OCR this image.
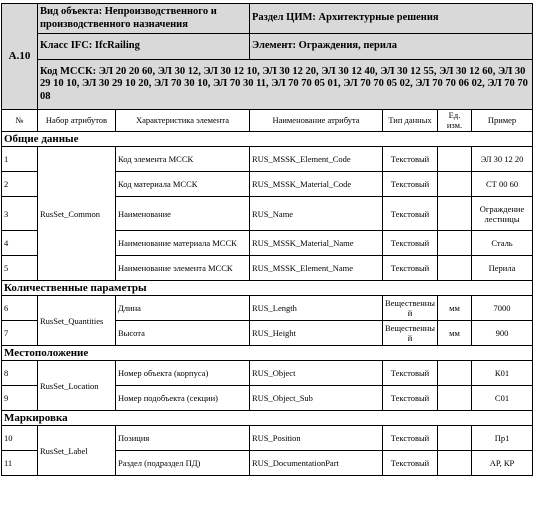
A.10	Вид объекта: Непроизводственного и производственного назначения		Раздел ЦИМ: Архитектурные решения			
	Класс IFC: IfcRailing		Элемент: Ограждения, перила			
	Код МССК: ЭЛ 20 20 60, ЭЛ 30 12, ЭЛ 30 12 10, ЭЛ 30 12 20, ЭЛ 30 12 40, ЭЛ 30 12 55, ЭЛ 30 12 60, ЭЛ 30 29 10 10, ЭЛ 30 29 10 20, ЭЛ 70 30 10, ЭЛ 70 30 11, ЭЛ 70 70 05 01, ЭЛ 70 70 05 02, ЭЛ 70 70 06 02, ЭЛ 70 70 08					
№	Набор атрибутов	Характеристика элемента	Наименование атрибута	Тип данных	Ед. изм.	Пример
Общие данные						
1	RusSet_Common	Код элемента МССК	RUS_MSSK_Element_Code	Текстовый		ЭЛ 30 12 20
2		Код материала МССК	RUS_MSSK_Material_Code	Текстовый		СТ 00 60
3		Наименование	RUS_Name	Текстовый		Ограждение лестницы
4		Наименование материала МССК	RUS_MSSK_Material_Name	Текстовый		Сталь
5		Наименование элемента МССК	RUS_MSSK_Element_Name	Текстовый		Перила
Количественные параметры						
6	RusSet_Quantities	Длина	RUS_Length	Вещественный	мм	7000
7		Высота	RUS_Height	Вещественный	мм	900
Местоположение						
8	RusSet_Location	Номер объекта (корпуса)	RUS_Object	Текстовый		К01
9		Номер подобъекта (секции)	RUS_Object_Sub	Текстовый		С01
Маркировка						
10	RusSet_Label	Позиция	RUS_Position	Текстовый		Пр1
11		Раздел (подраздел ПД)	RUS_DocumentationPart	Текстовый		АР, КР
